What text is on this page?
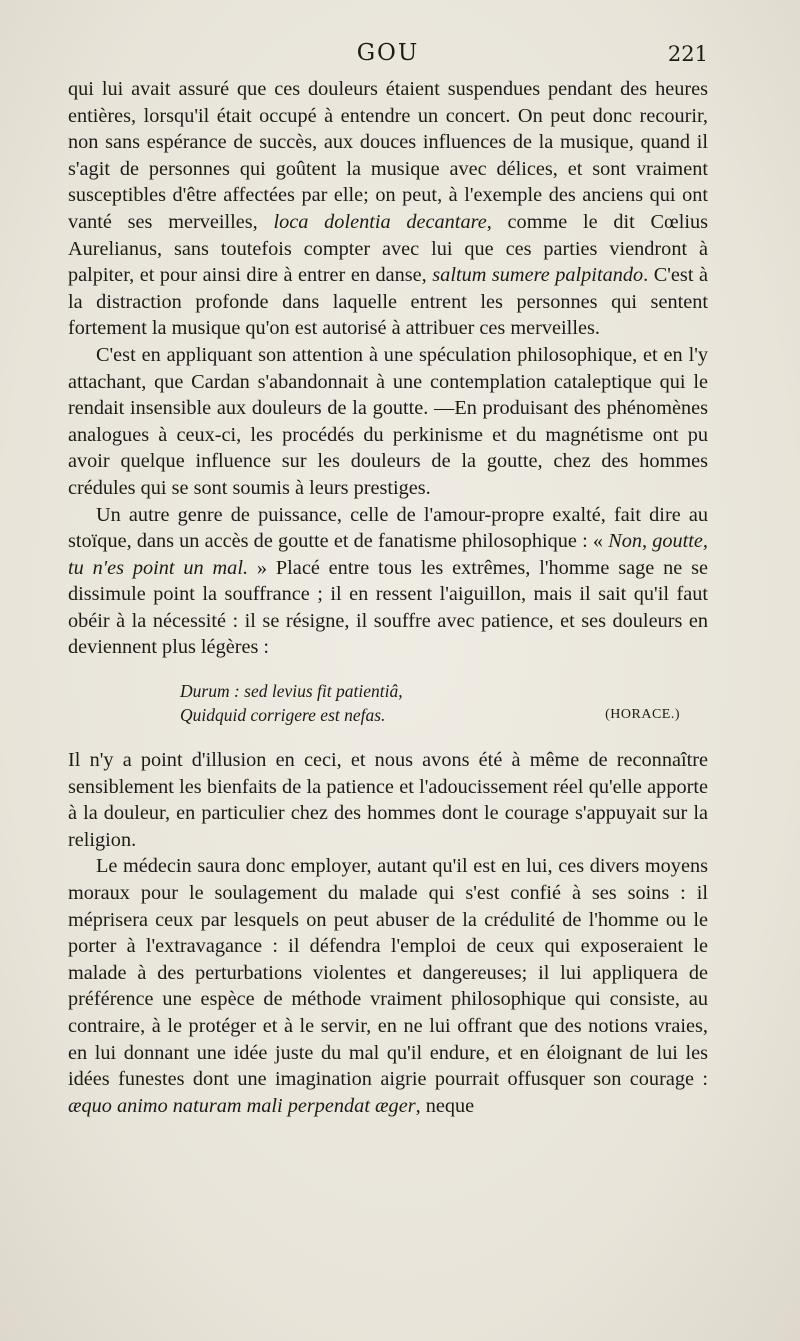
GOU	221

qui lui avait assuré que ces douleurs étaient suspendues pendant des heures entières, lorsqu'il était occupé à entendre un concert. On peut donc recourir, non sans espérance de succès, aux douces influences de la musique, quand il s'agit de personnes qui goûtent la musique avec délices, et sont vraiment susceptibles d'être affectées par elle; on peut, à l'exemple des anciens qui ont vanté ses merveilles, loca dolentia decantare, comme le dit Cœlius Aurelianus, sans toutefois compter avec lui que ces parties viendront à palpiter, et pour ainsi dire à entrer en danse, saltum sumere palpitando. C'est à la distraction profonde dans laquelle entrent les personnes qui sentent fortement la musique qu'on est autorisé à attribuer ces merveilles.

C'est en appliquant son attention à une spéculation philosophique, et en l'y attachant, que Cardan s'abandonnait à une contemplation cataleptique qui le rendait insensible aux douleurs de la goutte. —En produisant des phénomènes analogues à ceux-ci, les procédés du perkinisme et du magnétisme ont pu avoir quelque influence sur les douleurs de la goutte, chez des hommes crédules qui se sont soumis à leurs prestiges.

Un autre genre de puissance, celle de l'amour-propre exalté, fait dire au stoïque, dans un accès de goutte et de fanatisme philosophique : « Non, goutte, tu n'es point un mal. » Placé entre tous les extrêmes, l'homme sage ne se dissimule point la souffrance ; il en ressent l'aiguillon, mais il sait qu'il faut obéir à la nécessité : il se résigne, il souffre avec patience, et ses douleurs en deviennent plus légères :

Durum : sed levius fit patientiâ,
Quidquid corrigere est nefas.	(HORACE.)

Il n'y a point d'illusion en ceci, et nous avons été à même de reconnaître sensiblement les bienfaits de la patience et l'adoucissement réel qu'elle apporte à la douleur, en particulier chez des hommes dont le courage s'appuyait sur la religion.

Le médecin saura donc employer, autant qu'il est en lui, ces divers moyens moraux pour le soulagement du malade qui s'est confié à ses soins : il méprisera ceux par lesquels on peut abuser de la crédulité de l'homme ou le porter à l'extravagance : il défendra l'emploi de ceux qui exposeraient le malade à des perturbations violentes et dangereuses; il lui appliquera de préférence une espèce de méthode vraiment philosophique qui consiste, au contraire, à le protéger et à le servir, en ne lui offrant que des notions vraies, en lui donnant une idée juste du mal qu'il endure, et en éloignant de lui les idées funestes dont une imagination aigrie pourrait offusquer son courage : æquo animo naturam mali perpendat æger, neque
